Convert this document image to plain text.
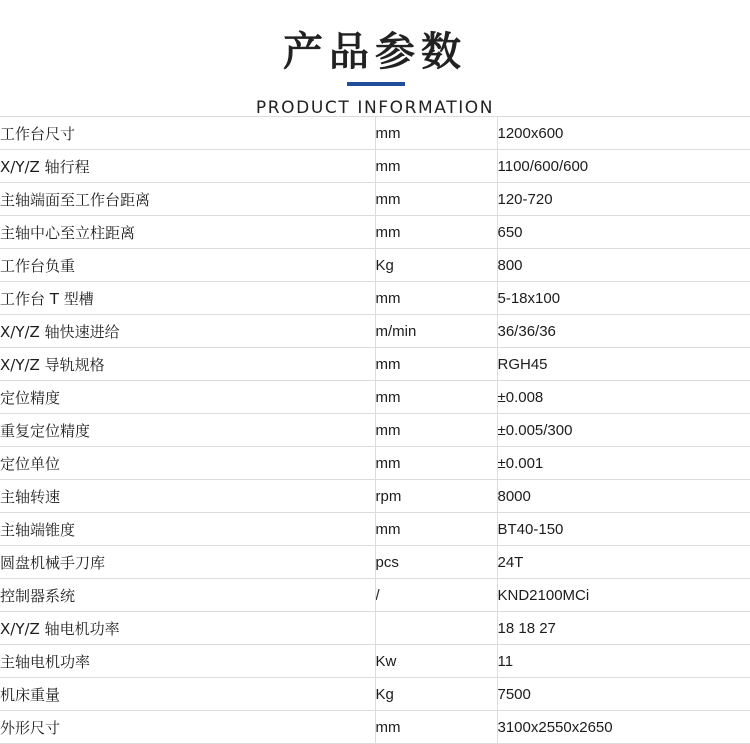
产品参数
PRODUCT INFORMATION
工作台尺寸	mm	1200x600
X/Y/Z 轴行程	mm	1100/600/600
主轴端面至工作台距离	mm	120-720
主轴中心至立柱距离	mm	650
工作台负重	Kg	800
工作台 T 型槽	mm	5-18x100
X/Y/Z 轴快速进给	m/min	36/36/36
X/Y/Z 导轨规格	mm	RGH45
定位精度	mm	±0.008
重复定位精度	mm	±0.005/300
定位单位	mm	±0.001
主轴转速	rpm	8000
主轴端锥度	mm	BT40-150
圆盘机械手刀库	pcs	24T
控制器系统	/	KND2100MCi
X/Y/Z 轴电机功率		18 18 27
主轴电机功率	Kw	11
机床重量	Kg	7500
外形尺寸	mm	3100x2550x2650
